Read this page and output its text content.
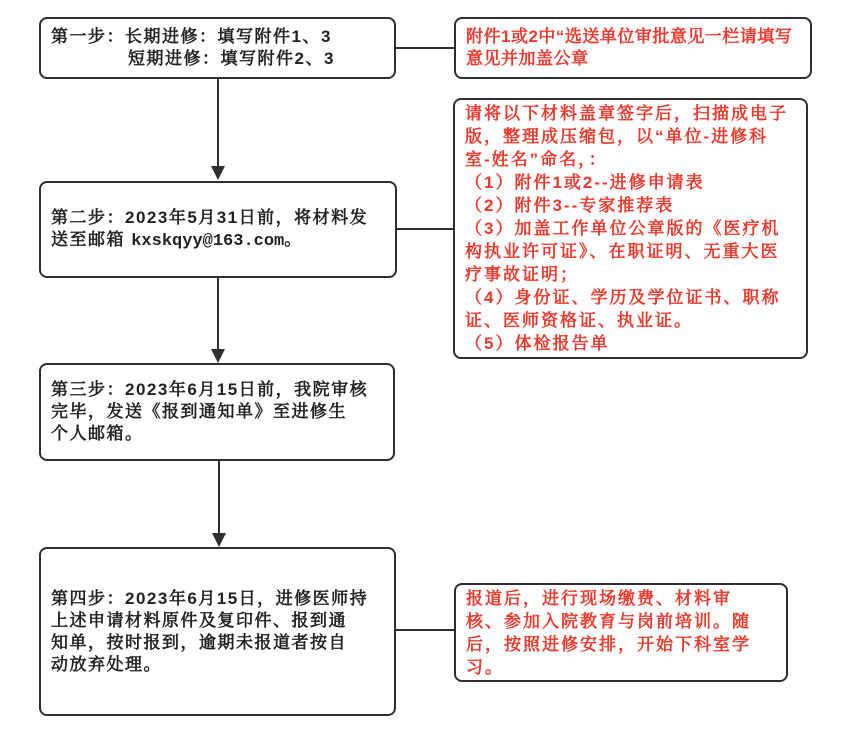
第一步：长期进修：填写附件1、3
短期进修：填写附件2、3
附件1或2中“选送单位审批意见一栏请填写
意见并加盖公章
第二步：2023年5月31日前，将材料发
送至邮箱 kxskqyy@163.com。
请将以下材料盖章签字后，扫描成电子
版，整理成压缩包，以“单位-进修科
室-姓名”命名，：
（1）附件1或2--进修申请表
（2）附件3--专家推荐表
（3）加盖工作单位公章版的《医疗机
构执业许可证》、在职证明、无重大医
疗事故证明；
（4）身份证、学历及学位证书、职称
证、医师资格证、执业证。
（5）体检报告单
第三步：2023年6月15日前，我院审核
完毕，发送《报到通知单》至进修生
个人邮箱。
第四步：2023年6月15日，进修医师持
上述申请材料原件及复印件、报到通
知单，按时报到，逾期未报道者按自
动放弃处理。
报道后，进行现场缴费、材料审
核、参加入院教育与岗前培训。随
后，按照进修安排，开始下科室学
习。
